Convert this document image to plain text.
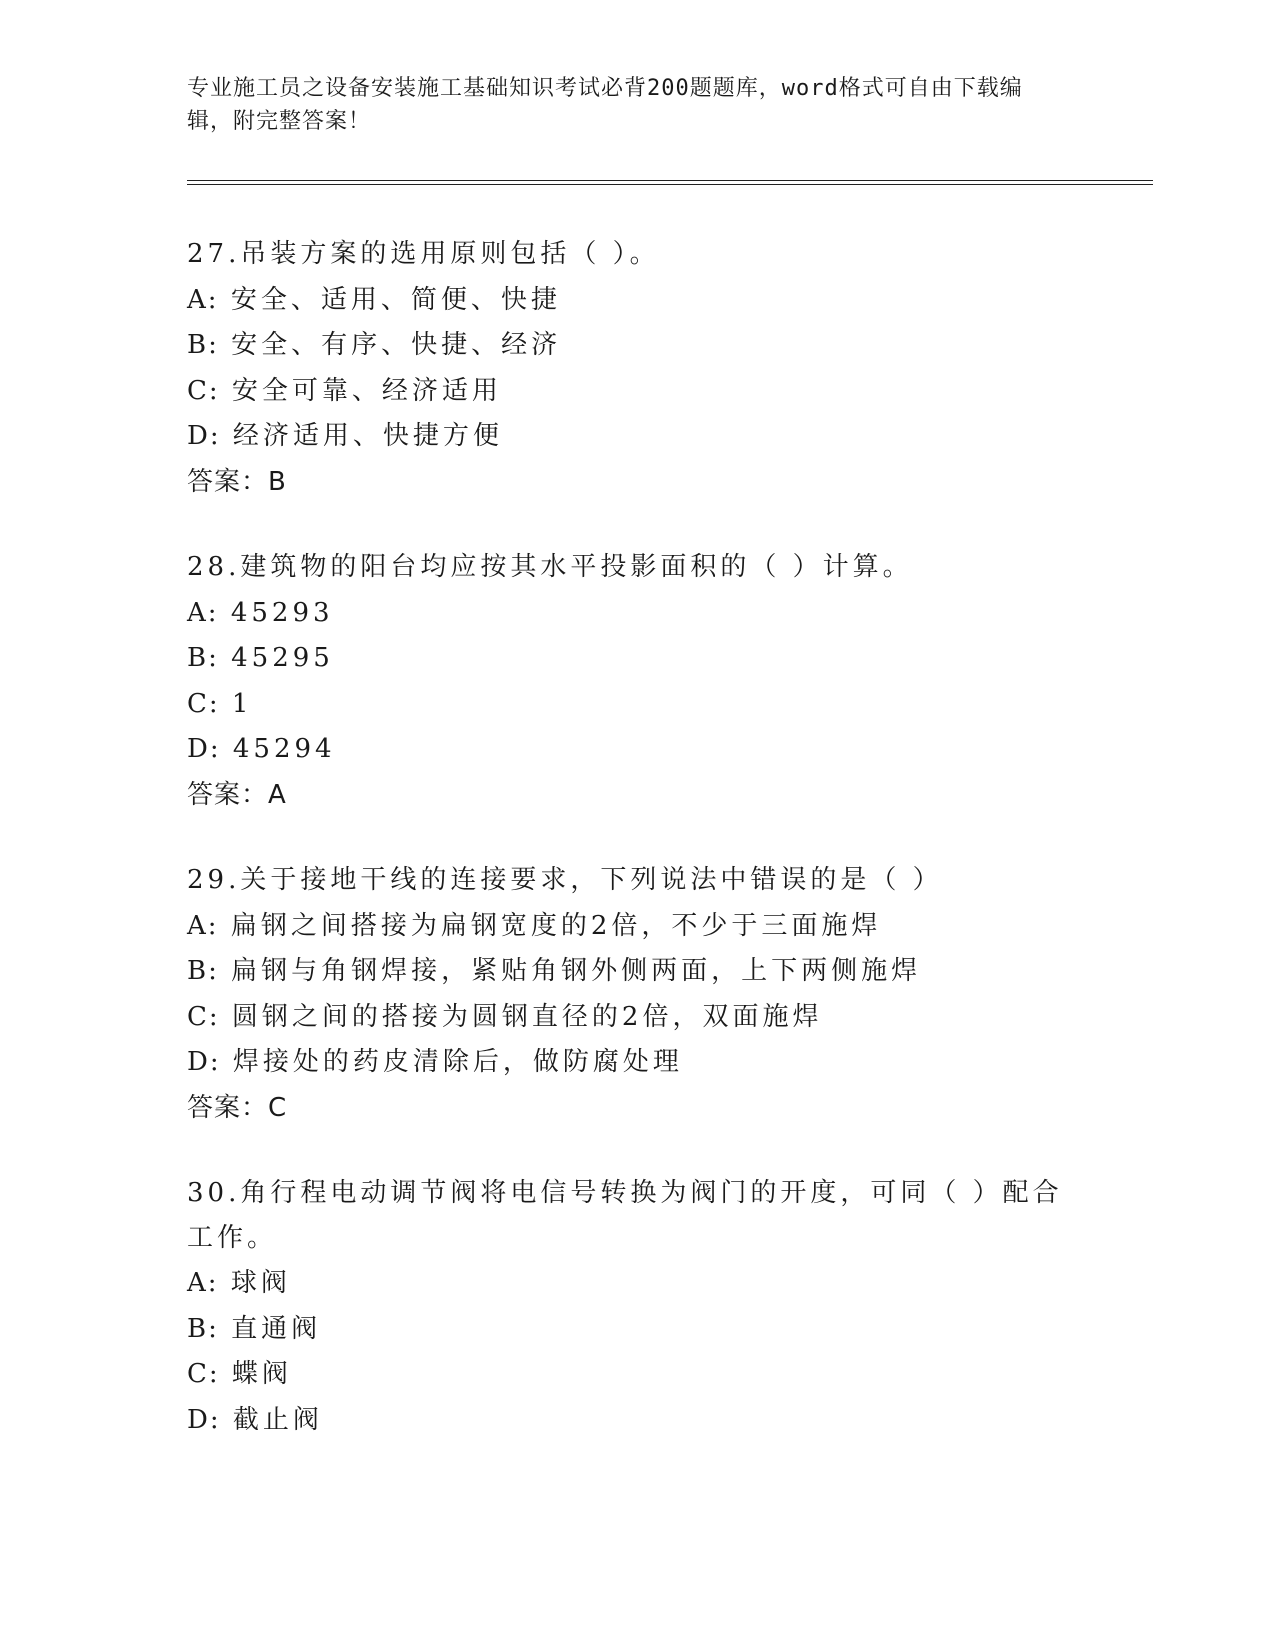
专业施工员之设备安装施工基础知识考试必背200题题库，word格式可自由下载编辑，附完整答案！
27.吊装方案的选用原则包括（ ）。
A: 安全、适用、简便、快捷
B: 安全、有序、快捷、经济
C: 安全可靠、经济适用
D: 经济适用、快捷方便
答案：B
28.建筑物的阳台均应按其水平投影面积的（ ）计算。
A: 45293
B: 45295
C: 1
D: 45294
答案：A
29.关于接地干线的连接要求，下列说法中错误的是（ ）
A: 扁钢之间搭接为扁钢宽度的2倍，不少于三面施焊
B: 扁钢与角钢焊接，紧贴角钢外侧两面，上下两侧施焊
C: 圆钢之间的搭接为圆钢直径的2倍，双面施焊
D: 焊接处的药皮清除后，做防腐处理
答案：C
30.角行程电动调节阀将电信号转换为阀门的开度，可同（ ）配合工作。
A: 球阀
B: 直通阀
C: 蝶阀
D: 截止阀
